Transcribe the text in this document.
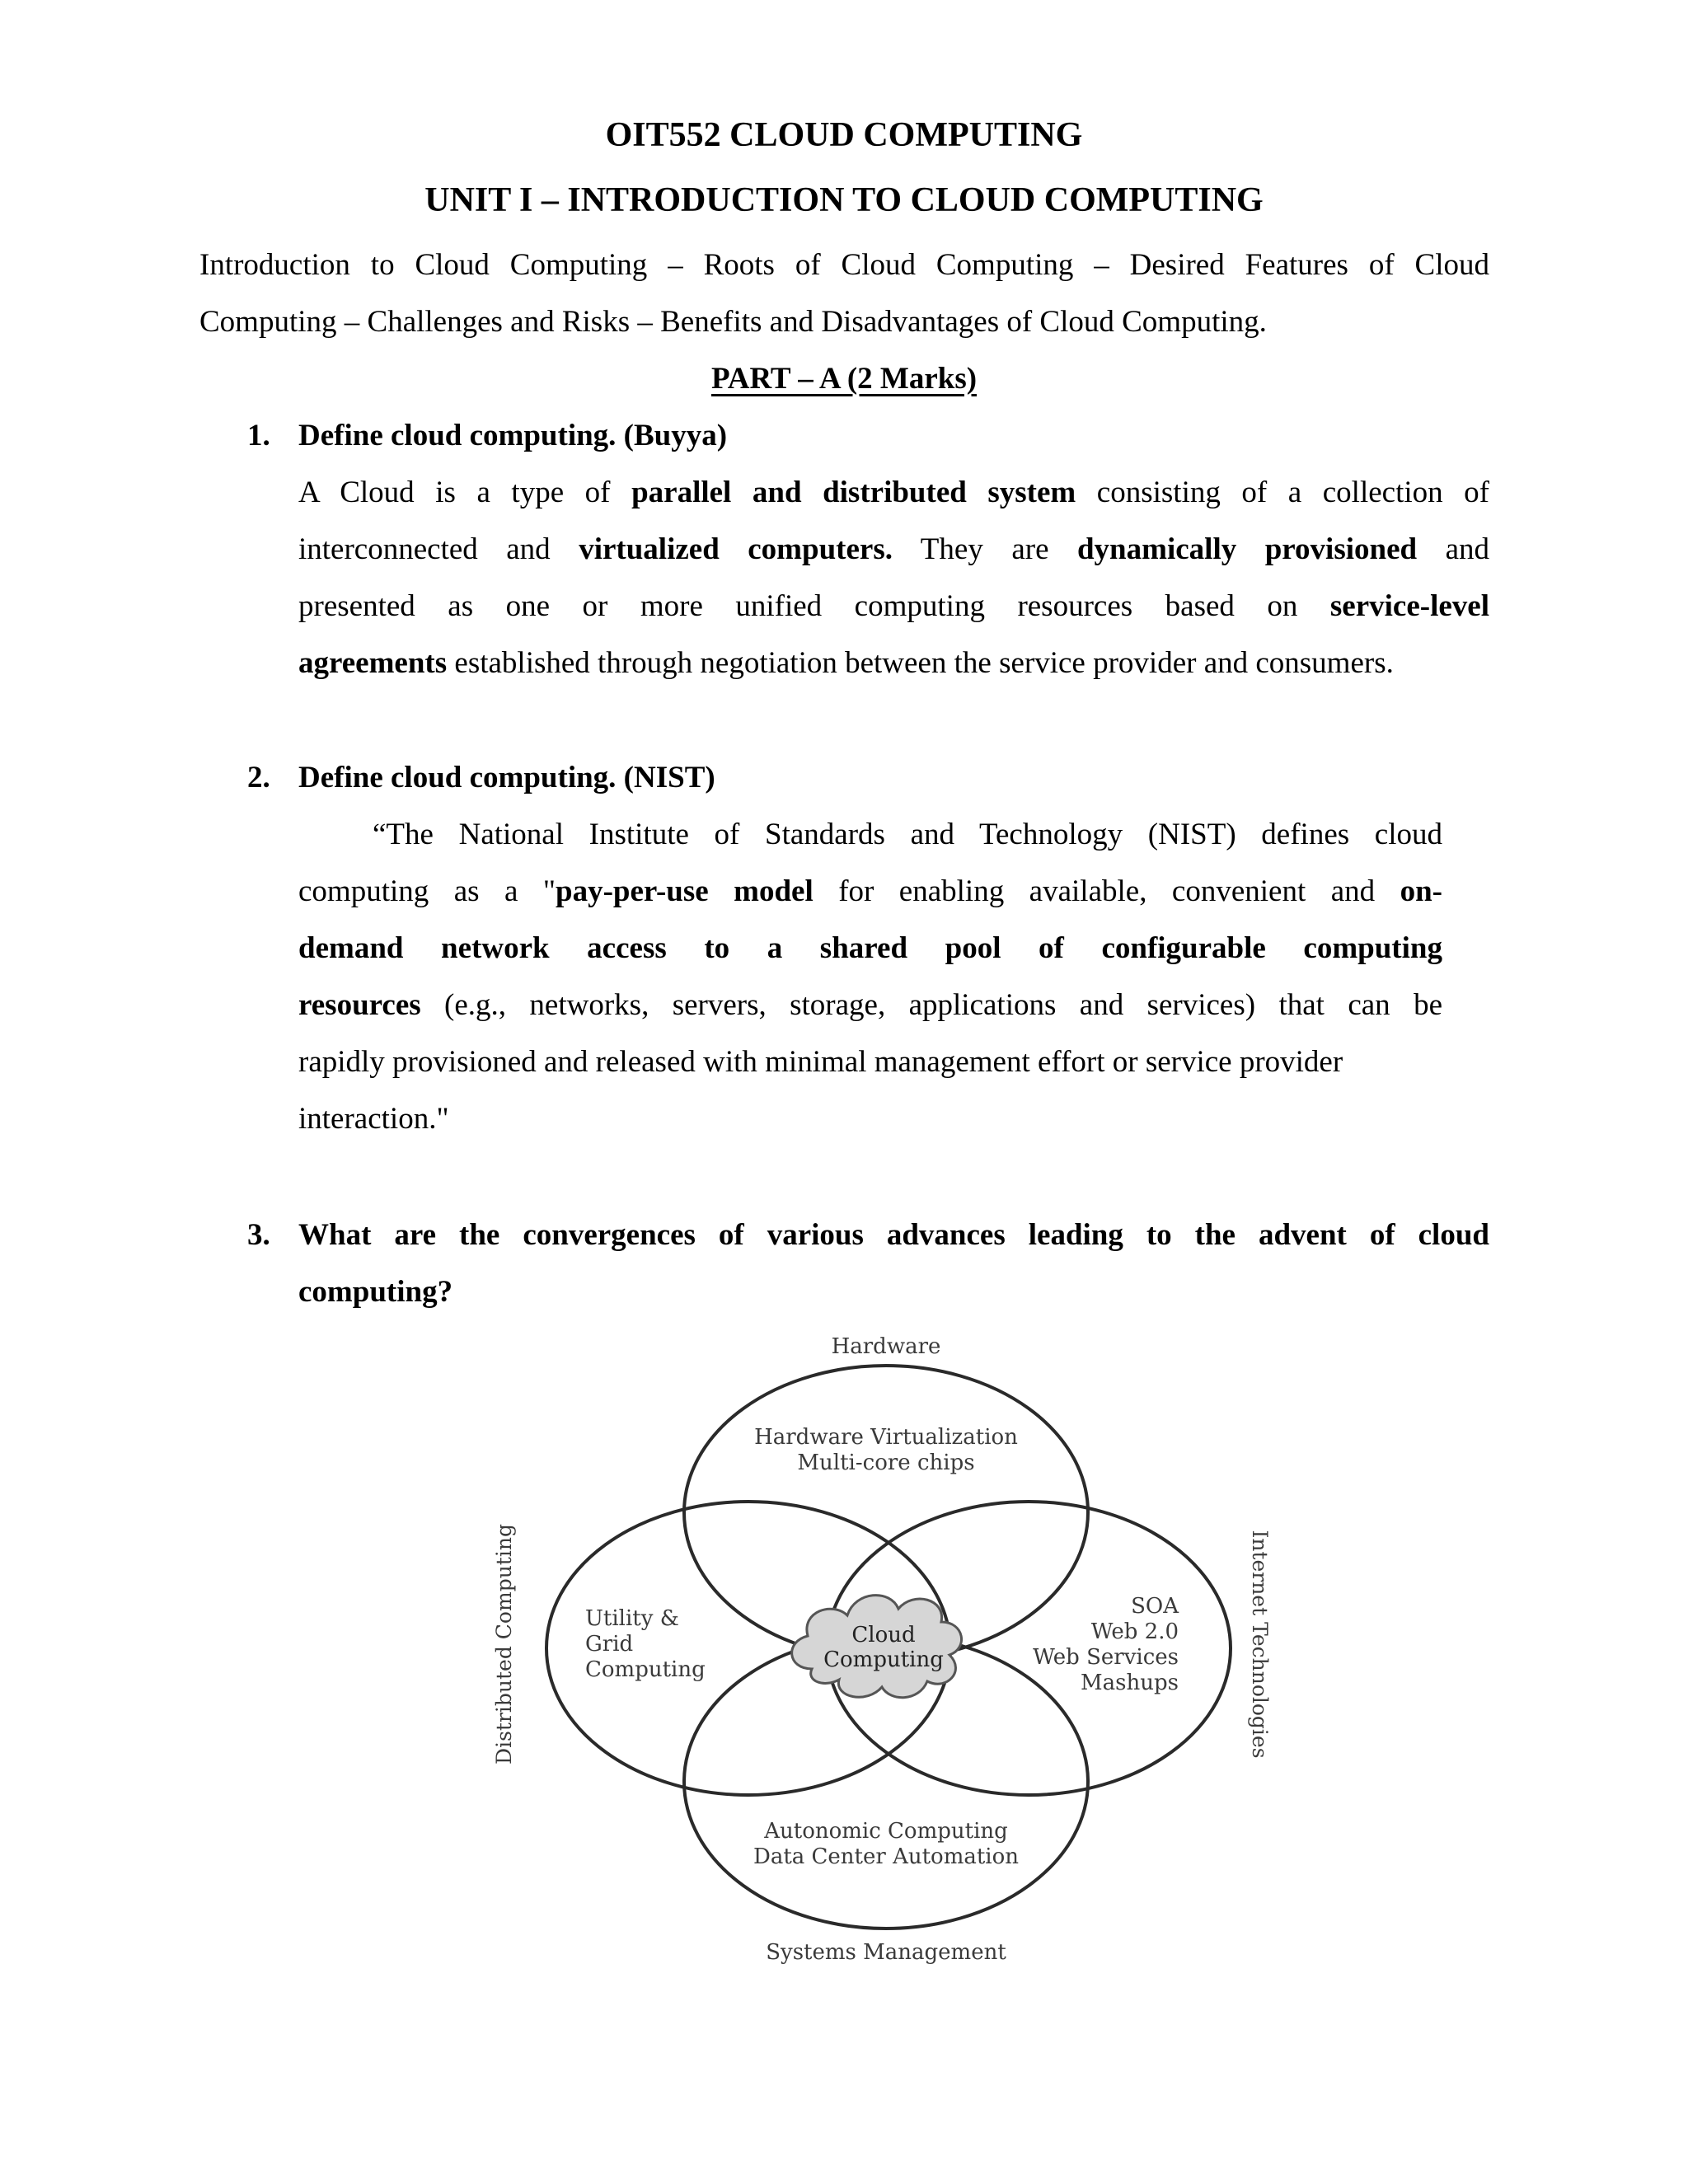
OIT552 CLOUD COMPUTING
UNIT I – INTRODUCTION TO CLOUD COMPUTING
Introduction to Cloud Computing – Roots of Cloud Computing – Desired Features of Cloud
Computing – Challenges and Risks – Benefits and Disadvantages of Cloud Computing.
PART – A (2 Marks)
1. Define cloud computing. (Buyya)
A Cloud is a type of parallel and distributed system consisting of a collection of
interconnected and virtualized computers. They are dynamically provisioned and
presented as one or more unified computing resources based on service-level
agreements established through negotiation between the service provider and consumers.
2. Define cloud computing. (NIST)
“The National Institute of Standards and Technology (NIST) defines cloud
computing as a "pay-per-use model for enabling available, convenient and on-
demand network access to a shared pool of configurable computing
resources (e.g., networks, servers, storage, applications and services) that can be
rapidly provisioned and released with minimal management effort or service provider
interaction."
3. What are the convergences of various advances leading to the advent of cloud
computing?
Hardware
Systems Management
Distributed Computing	Internet Technologies
Hardware Virtualization
Multi-core chips
Utility &
Grid
Computing
SOA
Web 2.0
Web Services
Mashups
Autonomic Computing
Data Center Automation
Cloud
Computing
